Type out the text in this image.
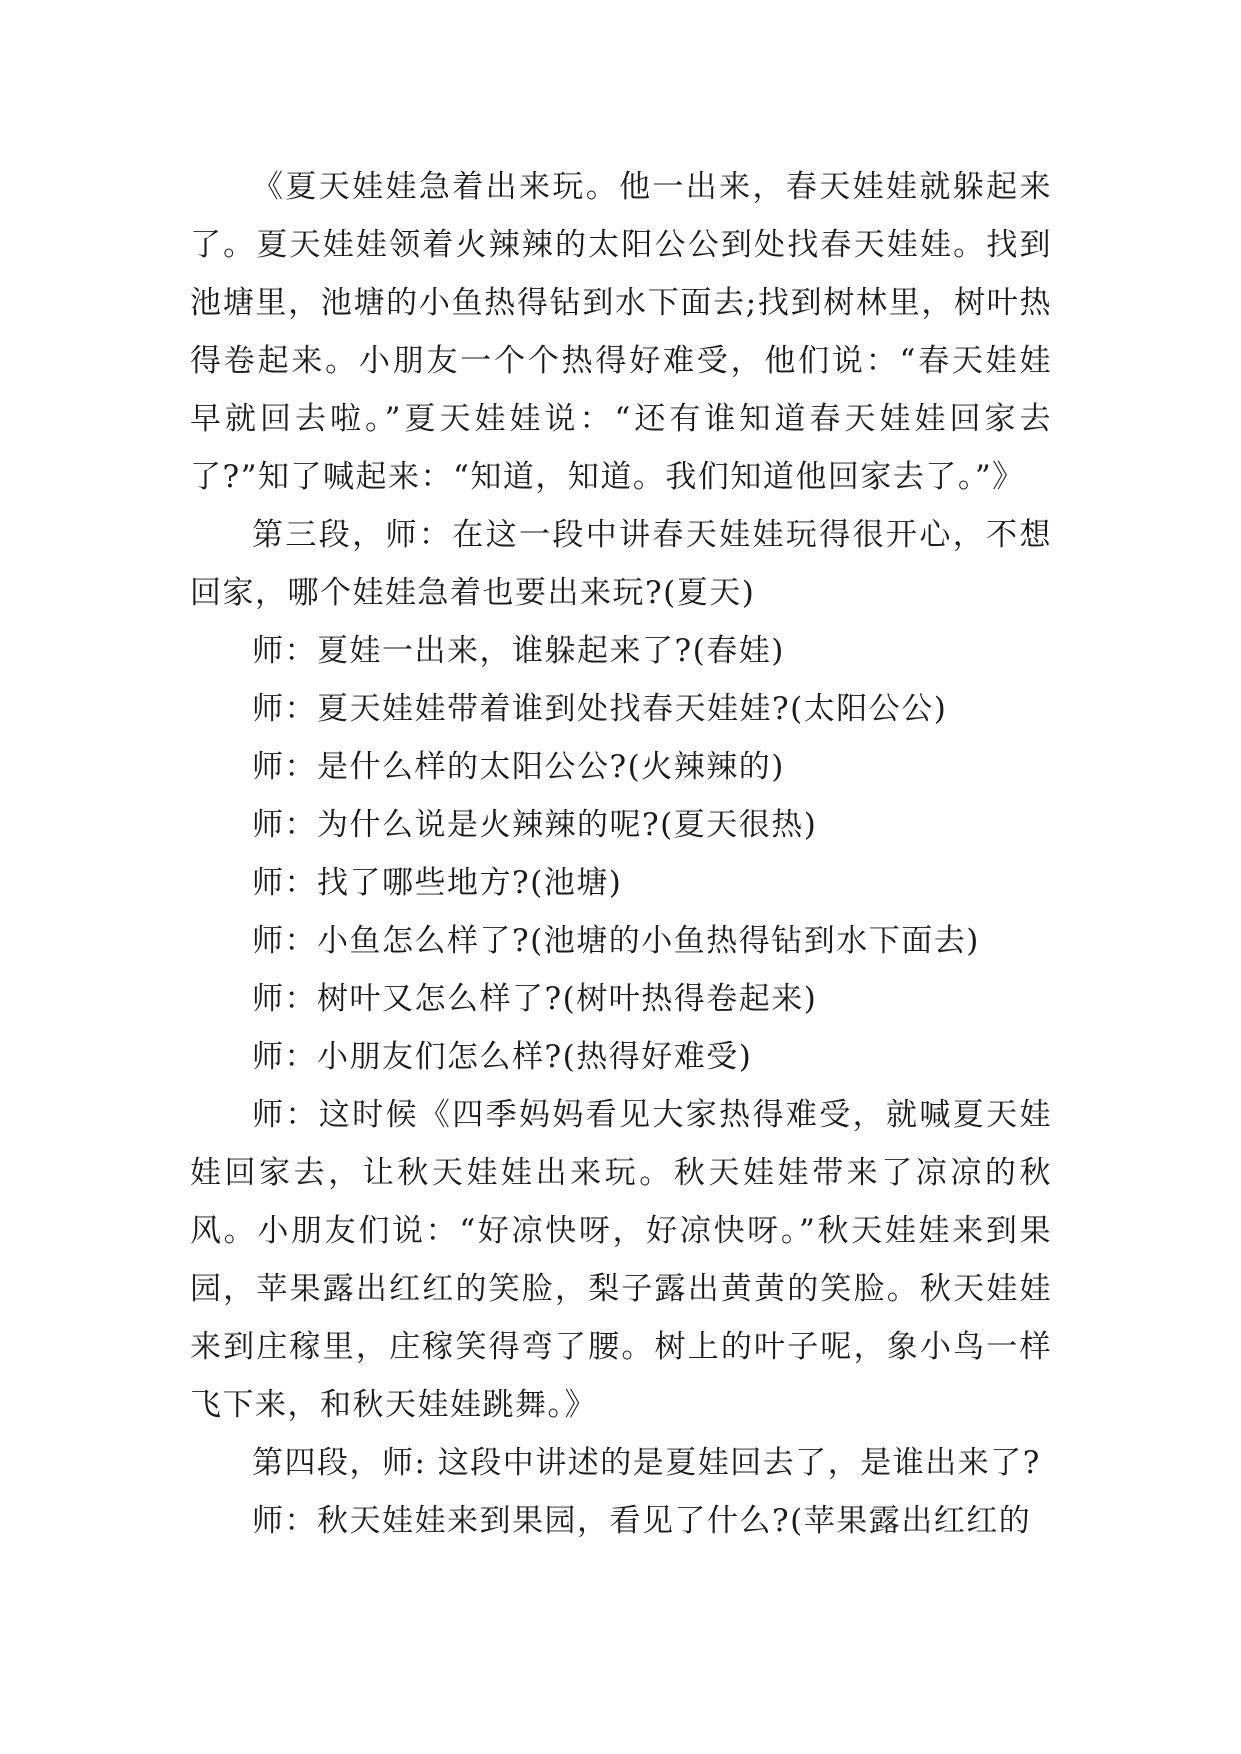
《夏天娃娃急着出来玩。他一出来，春天娃娃就躲起来了。夏天娃娃领着火辣辣的太阳公公到处找春天娃娃。找到池塘里，池塘的小鱼热得钻到水下面去;找到树林里，树叶热得卷起来。小朋友一个个热得好难受，他们说：“春天娃娃早就回去啦。”夏天娃娃说：“还有谁知道春天娃娃回家去了?”知了喊起来：“知道，知道。我们知道他回家去了。”》

第三段，师：在这一段中讲春天娃娃玩得很开心，不想回家，哪个娃娃急着也要出来玩?(夏天)

师：夏娃一出来，谁躲起来了?(春娃)

师：夏天娃娃带着谁到处找春天娃娃?(太阳公公)

师：是什么样的太阳公公?(火辣辣的)

师：为什么说是火辣辣的呢?(夏天很热)

师：找了哪些地方?(池塘)

师：小鱼怎么样了?(池塘的小鱼热得钻到水下面去)

师：树叶又怎么样了?(树叶热得卷起来)

师：小朋友们怎么样?(热得好难受)

师：这时候《四季妈妈看见大家热得难受，就喊夏天娃娃回家去，让秋天娃娃出来玩。秋天娃娃带来了凉凉的秋风。小朋友们说：“好凉快呀，好凉快呀。”秋天娃娃来到果园，苹果露出红红的笑脸，梨子露出黄黄的笑脸。秋天娃娃来到庄稼里，庄稼笑得弯了腰。树上的叶子呢，象小鸟一样飞下来，和秋天娃娃跳舞。》

第四段，师: 这段中讲述的是夏娃回去了，是谁出来了?

师：秋天娃娃来到果园，看见了什么?(苹果露出红红的
